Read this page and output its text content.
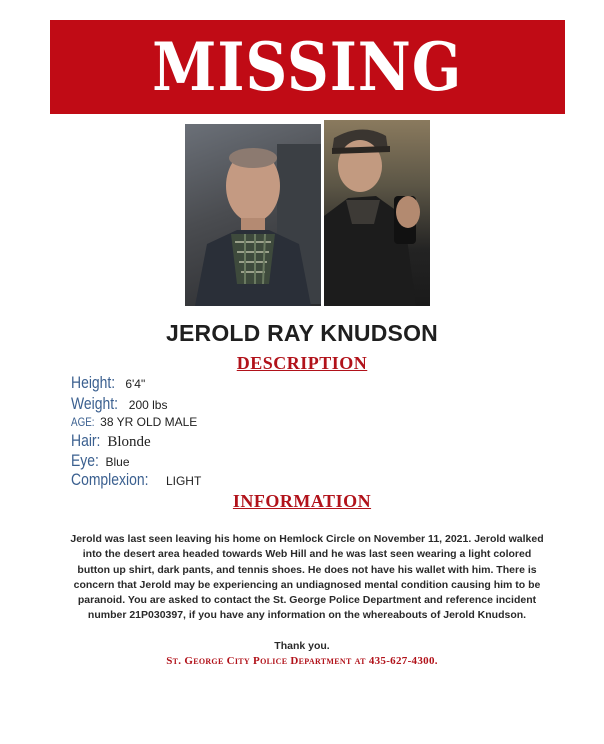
MISSING
JEROLD RAY KNUDSON
DESCRIPTION
Height: 6'4"
Weight: 200 lbs
AGE: 38 YR OLD MALE
Hair: Blonde
Eye: Blue
Complexion: LIGHT
INFORMATION
Jerold was last seen leaving his home on Hemlock Circle on November 11, 2021. Jerold walked into the desert area headed towards Web Hill and he was last seen wearing a light colored button up shirt, dark pants, and tennis shoes. He does not have his wallet with him. There is concern that Jerold may be experiencing an undiagnosed mental condition causing him to be paranoid. You are asked to contact the St. George Police Department and reference incident number 21P030397, if you have any information on the whereabouts of Jerold Knudson.
Thank you.
St. George City Police Department at 435-627-4300.
